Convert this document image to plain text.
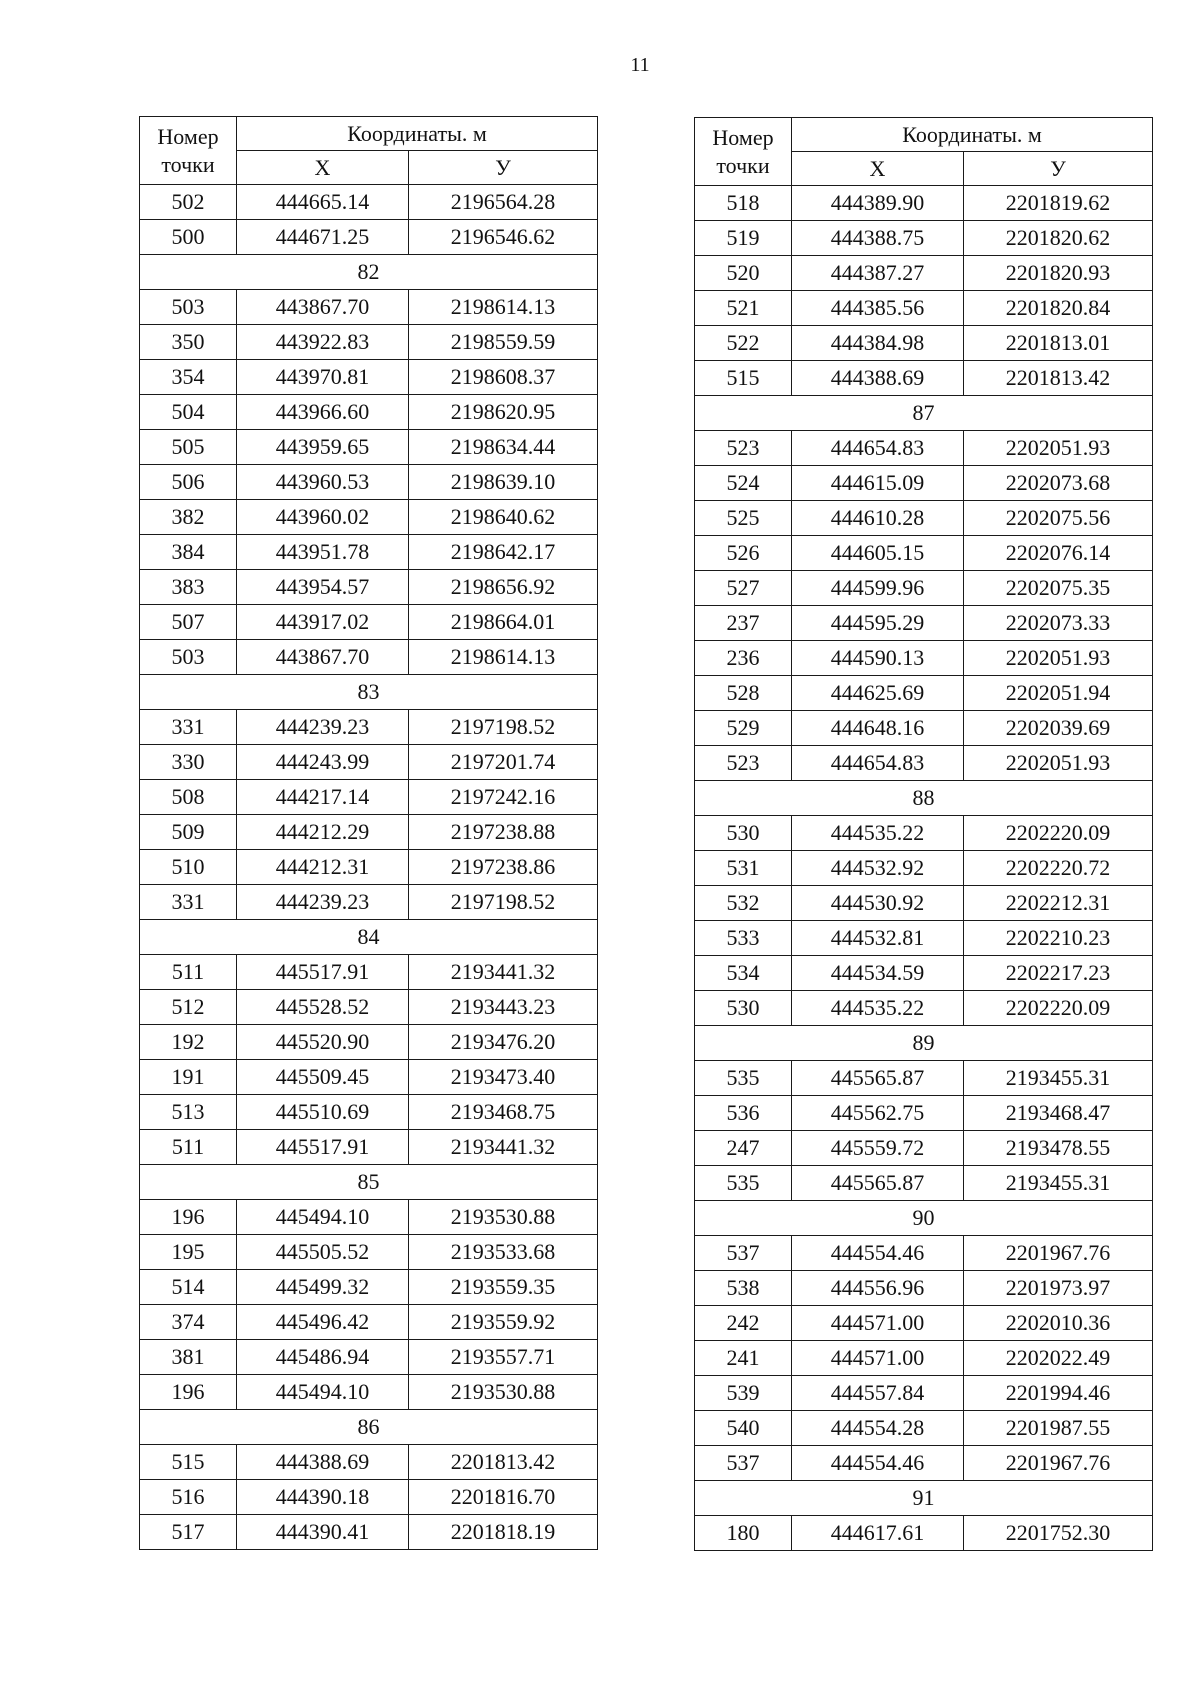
11
Номер точки	Координаты. м	
	X	У
502	444665.14	2196564.28
500	444671.25	2196546.62
82		
503	443867.70	2198614.13
350	443922.83	2198559.59
354	443970.81	2198608.37
504	443966.60	2198620.95
505	443959.65	2198634.44
506	443960.53	2198639.10
382	443960.02	2198640.62
384	443951.78	2198642.17
383	443954.57	2198656.92
507	443917.02	2198664.01
503	443867.70	2198614.13
83		
331	444239.23	2197198.52
330	444243.99	2197201.74
508	444217.14	2197242.16
509	444212.29	2197238.88
510	444212.31	2197238.86
331	444239.23	2197198.52
84		
511	445517.91	2193441.32
512	445528.52	2193443.23
192	445520.90	2193476.20
191	445509.45	2193473.40
513	445510.69	2193468.75
511	445517.91	2193441.32
85		
196	445494.10	2193530.88
195	445505.52	2193533.68
514	445499.32	2193559.35
374	445496.42	2193559.92
381	445486.94	2193557.71
196	445494.10	2193530.88
86		
515	444388.69	2201813.42
516	444390.18	2201816.70
517	444390.41	2201818.19
Номер точки	Координаты. м	
	X	У
518	444389.90	2201819.62
519	444388.75	2201820.62
520	444387.27	2201820.93
521	444385.56	2201820.84
522	444384.98	2201813.01
515	444388.69	2201813.42
87		
523	444654.83	2202051.93
524	444615.09	2202073.68
525	444610.28	2202075.56
526	444605.15	2202076.14
527	444599.96	2202075.35
237	444595.29	2202073.33
236	444590.13	2202051.93
528	444625.69	2202051.94
529	444648.16	2202039.69
523	444654.83	2202051.93
88		
530	444535.22	2202220.09
531	444532.92	2202220.72
532	444530.92	2202212.31
533	444532.81	2202210.23
534	444534.59	2202217.23
530	444535.22	2202220.09
89		
535	445565.87	2193455.31
536	445562.75	2193468.47
247	445559.72	2193478.55
535	445565.87	2193455.31
90		
537	444554.46	2201967.76
538	444556.96	2201973.97
242	444571.00	2202010.36
241	444571.00	2202022.49
539	444557.84	2201994.46
540	444554.28	2201987.55
537	444554.46	2201967.76
91		
180	444617.61	2201752.30
